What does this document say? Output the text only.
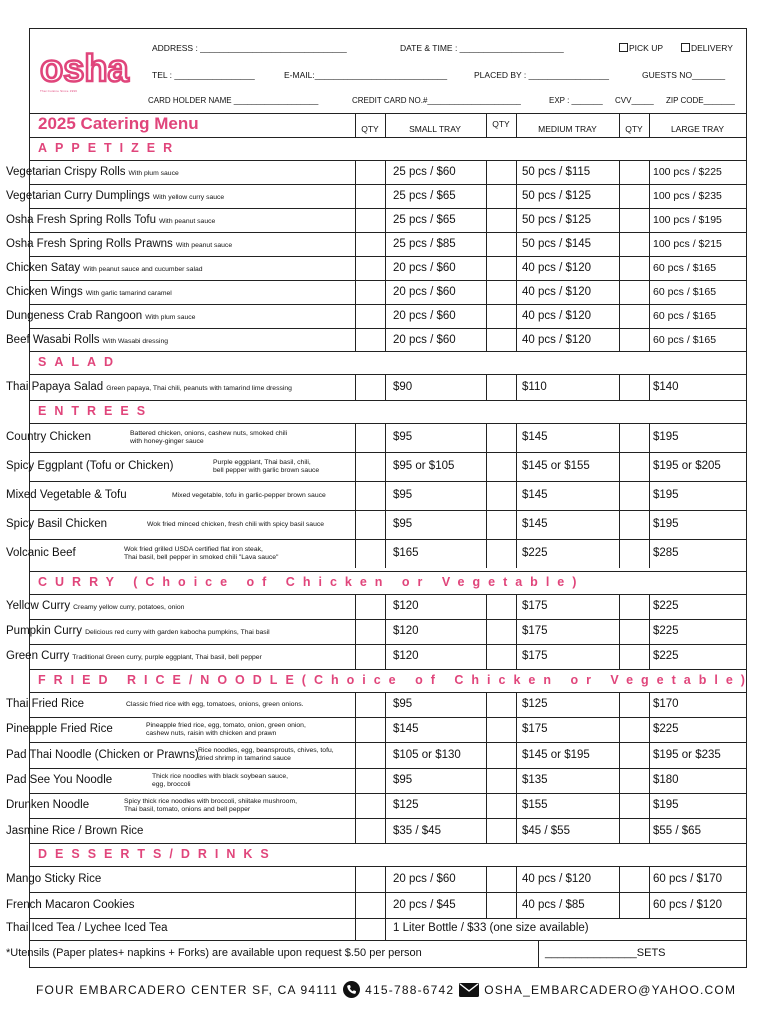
osha
Thai Cuisine Since 1996
ADDRESS : _______________________________	DATE & TIME : ______________________	PICK UP	DELIVERY
TEL : _________________	E-MAIL:____________________________	PLACED BY : _________________	GUESTS NO_______
CARD HOLDER NAME ___________________	CREDIT CARD NO.#_____________________	EXP : _______ CVV_____ ZIP CODE_______
2025 Catering Menu	QTY	SMALL TRAY	QTY	MEDIUM TRAY	QTY	LARGE TRAY
APPETIZER
Vegetarian Crispy Rolls With plum sauce	25 pcs / $60	50 pcs / $115	100 pcs / $225
Vegetarian Curry Dumplings With yellow curry sauce	25 pcs / $65	50 pcs / $125	100 pcs / $235
Osha Fresh Spring Rolls Tofu With peanut sauce	25 pcs / $65	50 pcs / $125	100 pcs / $195
Osha Fresh Spring Rolls Prawns With peanut sauce	25 pcs / $85	50 pcs / $145	100 pcs / $215
Chicken Satay With peanut sauce and cucumber salad	20 pcs / $60	40 pcs / $120	60 pcs / $165
Chicken Wings With garlic tamarind caramel	20 pcs / $60	40 pcs / $120	60 pcs / $165
Dungeness Crab Rangoon With plum sauce	20 pcs / $60	40 pcs / $120	60 pcs / $165
Beef Wasabi Rolls With Wasabi dressing	20 pcs / $60	40 pcs / $120	60 pcs / $165
SALAD
Thai Papaya Salad Green papaya, Thai chili, peanuts with tamarind lime dressing	$90	$110	$140
ENTREES
Country Chicken	Battered chicken, onions, cashew nuts, smoked chili
with honey-ginger sauce	$95	$145	$195
Spicy Eggplant (Tofu or Chicken)	Purple eggplant, Thai basil, chili,
bell pepper with garlic brown sauce	$95 or $105	$145 or $155	$195 or $205
Mixed Vegetable & Tofu	Mixed vegetable, tofu in garlic-pepper brown sauce	$95	$145	$195
Spicy Basil Chicken	Wok fried minced chicken, fresh chili with spicy basil sauce	$95	$145	$195
Volcanic Beef	Wok fried grilled USDA certified flat iron steak,
Thai basil, bell pepper in smoked chili "Lava sauce"	$165	$225	$285
CURRY (Choice of Chicken or Vegetable)
Yellow Curry Creamy yellow curry, potatoes, onion	$120	$175	$225
Pumpkin Curry Delicious red curry with garden kabocha pumpkins, Thai basil	$120	$175	$225
Green Curry Traditional Green curry, purple eggplant, Thai basil, bell pepper	$120	$175	$225
FRIED RICE/NOODLE(Choice of Chicken or Vegetable)
Thai Fried Rice	Classic fried rice with egg, tomatoes, onions, green onions.	$95	$125	$170
Pineapple Fried Rice	Pineapple fried rice, egg, tomato, onion, green onion,
cashew nuts, raisin with chicken and prawn	$145	$175	$225
Pad Thai Noodle (Chicken or Prawns) Rice noodles, egg, beansprouts, chives, tofu,
dried shrimp in tamarind sauce	$105 or $130	$145 or $195	$195 or $235
Pad See You Noodle	Thick rice noodles with black soybean sauce,
egg, broccoli	$95	$135	$180
Drunken Noodle	Spicy thick rice noodles with broccoli, shiitake mushroom,
Thai basil, tomato, onions and bell pepper	$125	$155	$195
Jasmine Rice / Brown Rice	$35 / $45	$45 / $55	$55 / $65
DESSERTS/DRINKS
Mango Sticky Rice	20 pcs / $60	40 pcs / $120	60 pcs / $170
French Macaron Cookies	20 pcs / $45	40 pcs / $85	60 pcs / $120
Thai Iced Tea / Lychee Iced Tea	1 Liter Bottle / $33 (one size available)
*Utensils (Paper plates+ napkins + Forks) are available upon request $.50 per person	_______________SETS
FOUR EMBARCADERO CENTER SF, CA 94111 415-788-6742	OSHA_EMBARCADERO@YAHOO.COM
